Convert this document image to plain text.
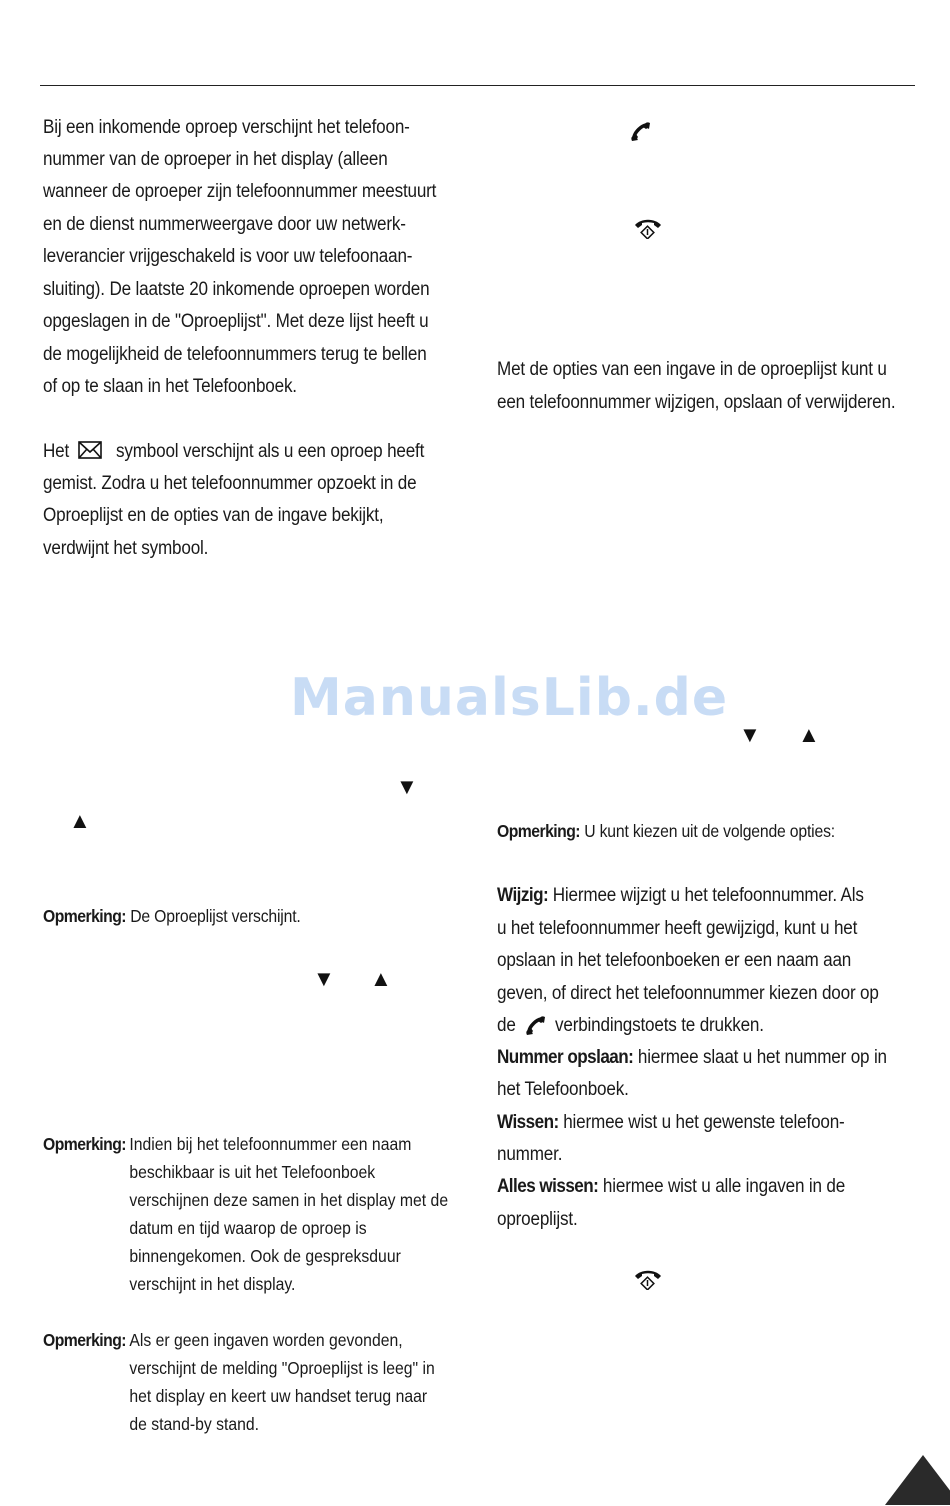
Bij een inkomende oproep verschijnt het telefoon-
nummer van de oproeper in het display (alleen
wanneer de oproeper zijn telefoonnummer meestuurt
en de dienst nummerweergave door uw netwerk-
leverancier vrijgeschakeld is voor uw telefoonaan-
sluiting). De laatste 20 inkomende oproepen worden
opgeslagen in de "Oproeplijst". Met deze lijst heeft u
de mogelijkheid de telefoonnummers terug te bellen
of op te slaan in het Telefoonboek.
Het symbool verschijnt als u een oproep heeft
gemist. Zodra u het telefoonnummer opzoekt in de
Oproeplijst en de opties van de ingave bekijkt,
verdwijnt het symbool.
ManualsLib.de
▼
▲
Opmerking: De Oproeplijst verschijnt.
▼ ▲
Opmerking: Indien bij het telefoonnummer een naam
beschikbaar is uit het Telefoonboek
verschijnen deze samen in het display met de
datum en tijd waarop de oproep is
binnengekomen. Ook de gespreksduur
verschijnt in het display.
Opmerking: Als er geen ingaven worden gevonden,
verschijnt de melding "Oproeplijst is leeg" in
het display en keert uw handset terug naar
de stand-by stand.
Met de opties van een ingave in de oproeplijst kunt u
een telefoonnummer wijzigen, opslaan of verwijderen.
▼ ▲
Opmerking: U kunt kiezen uit de volgende opties:
Wijzig: Hiermee wijzigt u het telefoonnummer. Als
u het telefoonnummer heeft gewijzigd, kunt u het
opslaan in het telefoonboeken er een naam aan
geven, of direct het telefoonnummer kiezen door op
de verbindingstoets te drukken.
Nummer opslaan: hiermee slaat u het nummer op in
het Telefoonboek.
Wissen: hiermee wist u het gewenste telefoon-
nummer.
Alles wissen: hiermee wist u alle ingaven in de
oproeplijst.
